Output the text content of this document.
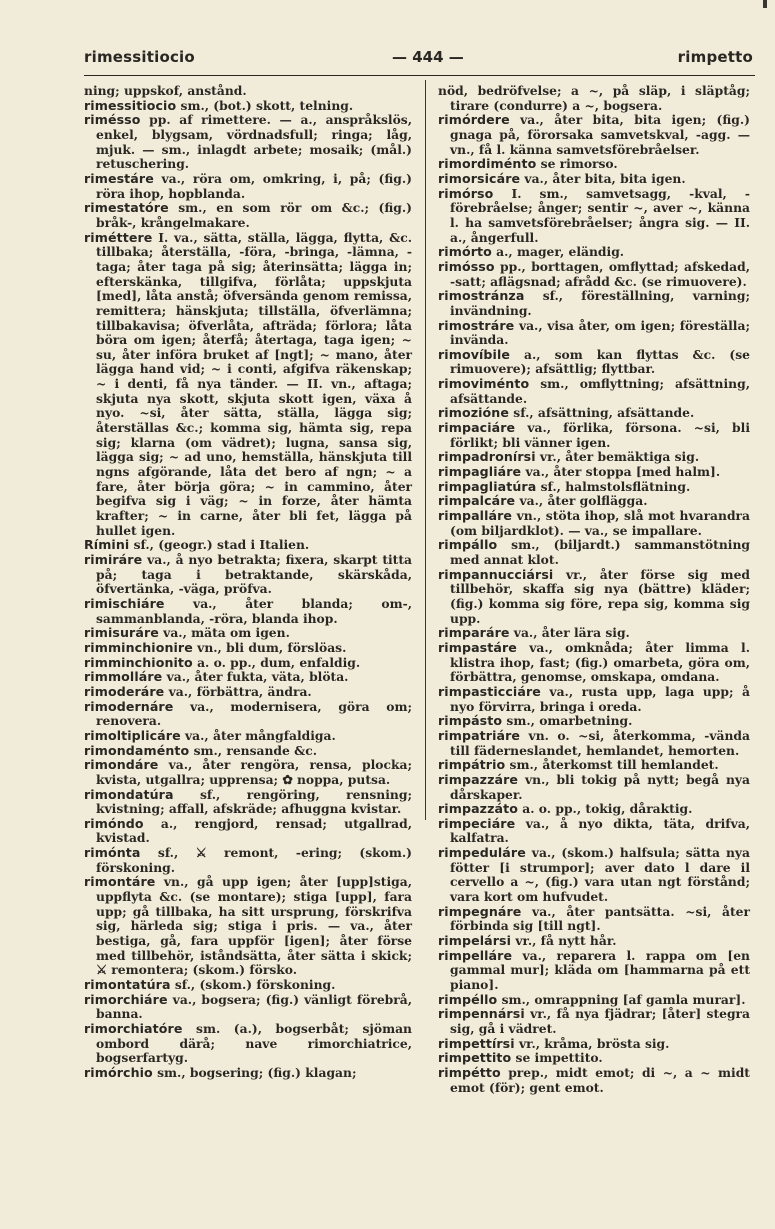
rimessitiocio	— 444 —	rimpetto

ning; uppskof, anstånd.

rimessitiocio sm., (bot.) skott, telning.

riméssо pp. af rimettere. — a., anspråkslös, enkel, blygsam, vördnadsfull; ringa; låg, mjuk. — sm., inlagdt arbete; mosaik; (mål.) retuschering.

rimestáre va., röra om, omkring, i, på; (fig.) röra ihop, hopblanda.

rimestatóre sm., en som rör om &c.; (fig.) bråk-, krångelmakare.

riméttere I. va., sätta, ställa, lägga, flytta, &c. tillbaka; återställa, -föra, -bringa, -lämna, -taga; åter taga på sig; återinsätta; lägga in; efterskänka, tillgifva, förlåta; uppskjuta [med], låta anstå; öfversända genom remissa, remittera; hänskjuta; tillställa, öfverlämna; tillbakavisa; öfverlåta, afträda; förlora; låta böra om igen; återfå; återtaga, taga igen; ~ su, åter införa bruket af [ngt]; ~ mano, åter lägga hand vid; ~ i conti, afgifva räkenskap; ~ i denti, få nya tänder. — II. vn., aftaga; skjuta nya skott, skjuta skott igen, växa å nyo. ~si, åter sätta, ställa, lägga sig; återställas &c.; komma sig, hämta sig, repa sig; klarna (om vädret); lugna, sansa sig, lägga sig; ~ ad uno, hemställa, hänskjuta till ngns afgörande, låta det bero af ngn; ~ a fare, åter börja göra; ~ in cammino, åter begifva sig i väg; ~ in forze, åter hämta krafter; ~ in carne, åter bli fet, lägga på hullet igen.

Rímini sf., (geogr.) stad i Italien.

rimiráre va., å nyo betrakta; fixera, skarpt titta på; taga i betraktande, skärskåda, öfvertänka, -väga, pröfva.

rimischiáre va., åter blanda; om-, sammanblanda, -röra, blanda ihop.

rimisuráre va., mäta om igen.

rimminchionire vn., bli dum, förslöas.

rimminchionito a. o. pp., dum, enfaldig.

rimmolláre va., åter fukta, väta, blöta.

rimoderáre va., förbättra, ändra.

rimodernáre va., modernisera, göra om; renovera.

rimoltiplicáre va., åter mångfaldiga.

rimondaménto sm., rensande &c.

rimondáre va., åter rengöra, rensa, plocka; kvista, utgallra; upprensa; ✿ noppa, putsa.

rimondatúra sf., rengöring, rensning; kvistning; affall, afskräde; afhuggna kvistar.

rimóndo a., rengjord, rensad; utgallrad, kvistad.

rimónta sf., ⚔ remont, -ering; (skom.) förskoning.

rimontáre vn., gå upp igen; åter [upp]stiga, uppflyta &c. (se montare); stiga [upp], fara upp; gå tillbaka, ha sitt ursprung, förskrifva sig, härleda sig; stiga i pris. — va., åter bestiga, gå, fara uppför [igen]; åter förse med tillbehör, iståndsätta, åter sätta i skick; ⚔ remontera; (skom.) försko.

rimontatúra sf., (skom.) förskoning.

rimorchiáre va., bogsera; (fig.) vänligt förebrå, banna.

rimorchiatóre sm. (a.), bogserbåt; sjöman ombord därå; nave rimorchiatrice, bogserfartyg.

rimórchio sm., bogsering; (fig.) klagan;

nöd, bedröfvelse; a ~, på släp, i släptåg; tirare (condurre) a ~, bogsera.

rimórdere va., åter bita, bita igen; (fig.) gnaga på, förorsaka samvetskval, -agg. — vn., få l. känna samvetsförebråelser.

rimordiménto se rimorso.

rimorsicáre va., åter bita, bita igen.

rimórso I. sm., samvetsagg, -kval, -förebråelse; ånger; sentir ~, aver ~, känna l. ha samvetsförebråelser; ångra sig. — II. a., ångerfull.

rimórto a., mager, eländig.

rimósso pp., borttagen, omflyttad; afskedad, -satt; aflägsnad; afrådd &c. (se rimuovere).

rimostránza sf., föreställning, varning; invändning.

rimostráre va., visa åter, om igen; föreställa; invända.

rimovíbile a., som kan flyttas &c. (se rimuovere); afsättlig; flyttbar.

rimoviménto sm., omflyttning; afsättning, afsättande.

rimozióne sf., afsättning, afsättande.

rimpaciáre va., förlika, försona. ~si, bli förlikt; bli vänner igen.

rimpadronírsi vr., åter bemäktiga sig.

rimpagliáre va., åter stoppa [med halm].

rimpagliatúra sf., halmstolsflätning.

rimpalcáre va., åter golflägga.

rimpalláre vn., stöta ihop, slå mot hvarandra (om biljardklot). — va., se impallare.

rimpállo sm., (biljardt.) sammanstötning med annat klot.

rimpannucciársi vr., åter förse sig med tillbehör, skaffa sig nya (bättre) kläder; (fig.) komma sig före, repa sig, komma sig upp.

rimparáre va., åter lära sig.

rimpastáre va., omknåda; åter limma l. klistra ihop, fast; (fig.) omarbeta, göra om, förbättra, genomse, omskapa, omdana.

rimpasticciáre va., rusta upp, laga upp; å nyo förvirra, bringa i oreda.

rimpásto sm., omarbetning.

rimpatriáre vn. o. ~si, återkomma, -vända till fäderneslandet, hemlandet, hemorten.

rimpátrio sm., återkomst till hemlandet.

rimpazzáre vn., bli tokig på nytt; begå nya dårskaper.

rimpazzáto a. o. pp., tokig, dåraktig.

rimpeciáre va., å nyo dikta, täta, drifva, kalfatra.

rimpeduláre va., (skom.) halfsula; sätta nya fötter [i strumpor]; aver dato l dare il cervello a ~, (fig.) vara utan ngt förstånd; vara kort om hufvudet.

rimpegnáre va., åter pantsätta. ~si, åter förbinda sig [till ngt].

rimpelársi vr., få nytt hår.

rimpelláre va., reparera l. rappa om [en gammal mur]; kläda om [hammarna på ett piano].

rimpéllo sm., omrappning [af gamla murar].

rimpennársi vr., få nya fjädrar; [åter] stegra sig, gå i vädret.

rimpettírsi vr., kråma, brösta sig.

rimpettito se impettito.

rimpétto prep., midt emot; di ~, a ~ midt emot (för); gent emot.
